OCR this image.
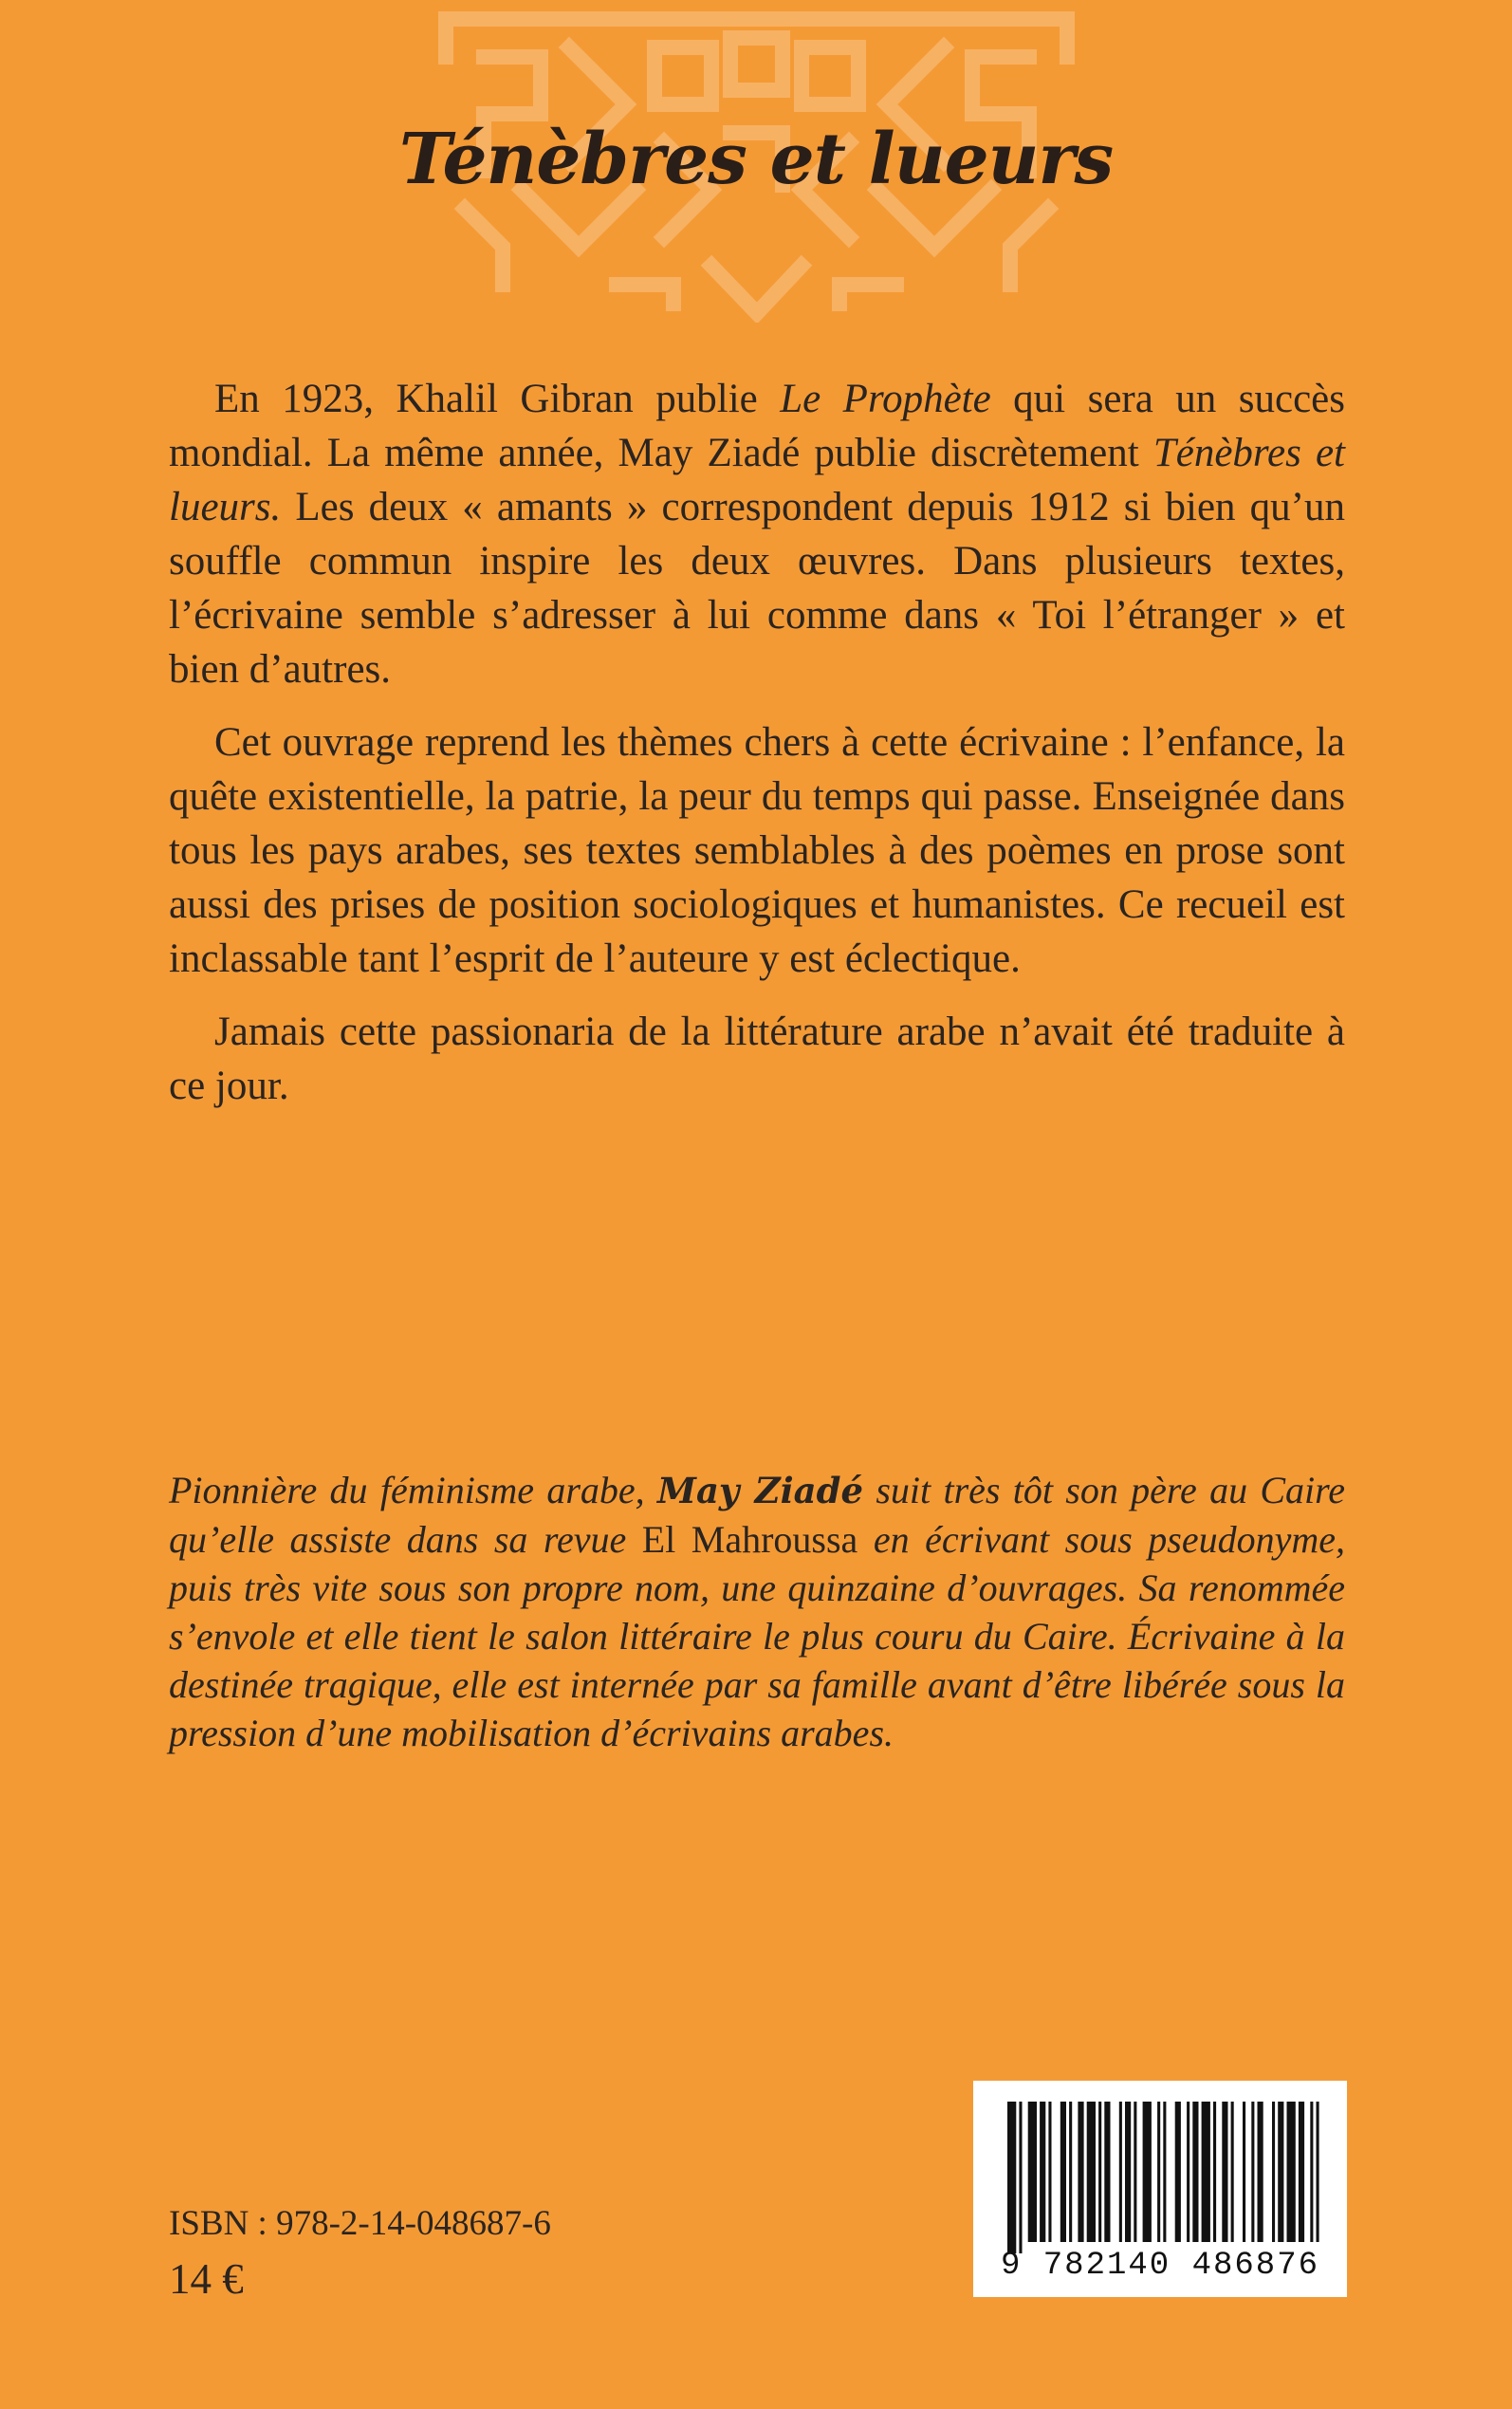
Ténèbres et lueurs

En 1923, Khalil Gibran publie Le Prophète qui sera un succès mondial. La même année, May Ziadé publie discrètement Ténèbres et lueurs. Les deux « amants » correspondent depuis 1912 si bien qu’un souffle commun inspire les deux œuvres. Dans plusieurs textes, l’écrivaine semble s’adresser à lui comme dans « Toi l’étranger » et bien d’autres.

Cet ouvrage reprend les thèmes chers à cette écrivaine : l’enfance, la quête existentielle, la patrie, la peur du temps qui passe. Enseignée dans tous les pays arabes, ses textes semblables à des poèmes en prose sont aussi des prises de position sociologiques et humanistes. Ce recueil est inclassable tant l’esprit de l’auteure y est éclectique.

Jamais cette passionaria de la littérature arabe n’avait été traduite à ce jour.

Pionnière du féminisme arabe, May Ziadé suit très tôt son père au Caire qu’elle assiste dans sa revue El Mahroussa en écrivant sous pseudonyme, puis très vite sous son propre nom, une quinzaine d’ouvrages. Sa renommée s’envole et elle tient le salon littéraire le plus couru du Caire. Écrivaine à la destinée tragique, elle est internée par sa famille avant d’être libérée sous la pression d’une mobilisation d’écrivains arabes.

ISBN : 978-2-14-048687-6
14 €	9 782140 486876
